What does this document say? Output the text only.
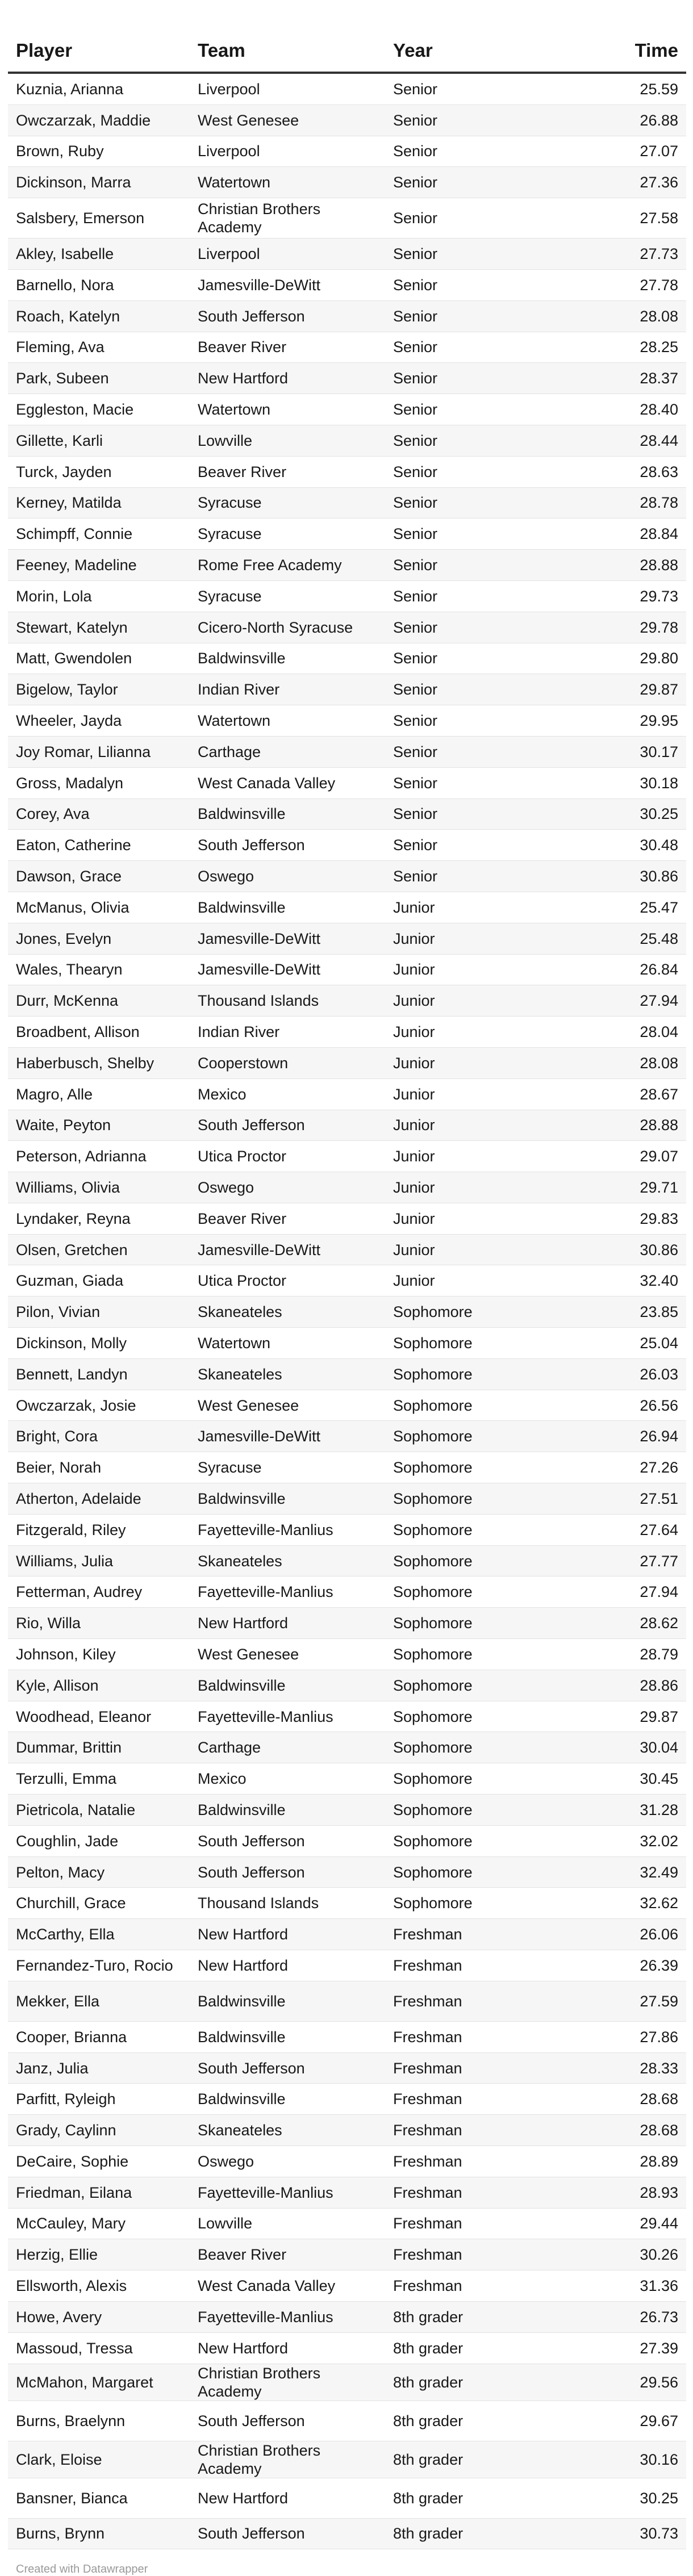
Player	Team	Year	Time
Kuznia, Arianna	Liverpool	Senior	25.59
Owczarzak, Maddie	West Genesee	Senior	26.88
Brown, Ruby	Liverpool	Senior	27.07
Dickinson, Marra	Watertown	Senior	27.36
Salsbery, Emerson	Christian Brothers Academy	Senior	27.58
Akley, Isabelle	Liverpool	Senior	27.73
Barnello, Nora	Jamesville-DeWitt	Senior	27.78
Roach, Katelyn	South Jefferson	Senior	28.08
Fleming, Ava	Beaver River	Senior	28.25
Park, Subeen	New Hartford	Senior	28.37
Eggleston, Macie	Watertown	Senior	28.40
Gillette, Karli	Lowville	Senior	28.44
Turck, Jayden	Beaver River	Senior	28.63
Kerney, Matilda	Syracuse	Senior	28.78
Schimpff, Connie	Syracuse	Senior	28.84
Feeney, Madeline	Rome Free Academy	Senior	28.88
Morin, Lola	Syracuse	Senior	29.73
Stewart, Katelyn	Cicero-North Syracuse	Senior	29.78
Matt, Gwendolen	Baldwinsville	Senior	29.80
Bigelow, Taylor	Indian River	Senior	29.87
Wheeler, Jayda	Watertown	Senior	29.95
Joy Romar, Lilianna	Carthage	Senior	30.17
Gross, Madalyn	West Canada Valley	Senior	30.18
Corey, Ava	Baldwinsville	Senior	30.25
Eaton, Catherine	South Jefferson	Senior	30.48
Dawson, Grace	Oswego	Senior	30.86
McManus, Olivia	Baldwinsville	Junior	25.47
Jones, Evelyn	Jamesville-DeWitt	Junior	25.48
Wales, Thearyn	Jamesville-DeWitt	Junior	26.84
Durr, McKenna	Thousand Islands	Junior	27.94
Broadbent, Allison	Indian River	Junior	28.04
Haberbusch, Shelby	Cooperstown	Junior	28.08
Magro, Alle	Mexico	Junior	28.67
Waite, Peyton	South Jefferson	Junior	28.88
Peterson, Adrianna	Utica Proctor	Junior	29.07
Williams, Olivia	Oswego	Junior	29.71
Lyndaker, Reyna	Beaver River	Junior	29.83
Olsen, Gretchen	Jamesville-DeWitt	Junior	30.86
Guzman, Giada	Utica Proctor	Junior	32.40
Pilon, Vivian	Skaneateles	Sophomore	23.85
Dickinson, Molly	Watertown	Sophomore	25.04
Bennett, Landyn	Skaneateles	Sophomore	26.03
Owczarzak, Josie	West Genesee	Sophomore	26.56
Bright, Cora	Jamesville-DeWitt	Sophomore	26.94
Beier, Norah	Syracuse	Sophomore	27.26
Atherton, Adelaide	Baldwinsville	Sophomore	27.51
Fitzgerald, Riley	Fayetteville-Manlius	Sophomore	27.64
Williams, Julia	Skaneateles	Sophomore	27.77
Fetterman, Audrey	Fayetteville-Manlius	Sophomore	27.94
Rio, Willa	New Hartford	Sophomore	28.62
Johnson, Kiley	West Genesee	Sophomore	28.79
Kyle, Allison	Baldwinsville	Sophomore	28.86
Woodhead, Eleanor	Fayetteville-Manlius	Sophomore	29.87
Dummar, Brittin	Carthage	Sophomore	30.04
Terzulli, Emma	Mexico	Sophomore	30.45
Pietricola, Natalie	Baldwinsville	Sophomore	31.28
Coughlin, Jade	South Jefferson	Sophomore	32.02
Pelton, Macy	South Jefferson	Sophomore	32.49
Churchill, Grace	Thousand Islands	Sophomore	32.62
McCarthy, Ella	New Hartford	Freshman	26.06
Fernandez-Turo, Rocio	New Hartford	Freshman	26.39
Mekker, Ella	Baldwinsville	Freshman	27.59
Cooper, Brianna	Baldwinsville	Freshman	27.86
Janz, Julia	South Jefferson	Freshman	28.33
Parfitt, Ryleigh	Baldwinsville	Freshman	28.68
Grady, Caylinn	Skaneateles	Freshman	28.68
DeCaire, Sophie	Oswego	Freshman	28.89
Friedman, Eilana	Fayetteville-Manlius	Freshman	28.93
McCauley, Mary	Lowville	Freshman	29.44
Herzig, Ellie	Beaver River	Freshman	30.26
Ellsworth, Alexis	West Canada Valley	Freshman	31.36
Howe, Avery	Fayetteville-Manlius	8th grader	26.73
Massoud, Tressa	New Hartford	8th grader	27.39
McMahon, Margaret	Christian Brothers Academy	8th grader	29.56
Burns, Braelynn	South Jefferson	8th grader	29.67
Clark, Eloise	Christian Brothers Academy	8th grader	30.16
Bansner, Bianca	New Hartford	8th grader	30.25
Burns, Brynn	South Jefferson	8th grader	30.73
Created with Datawrapper
